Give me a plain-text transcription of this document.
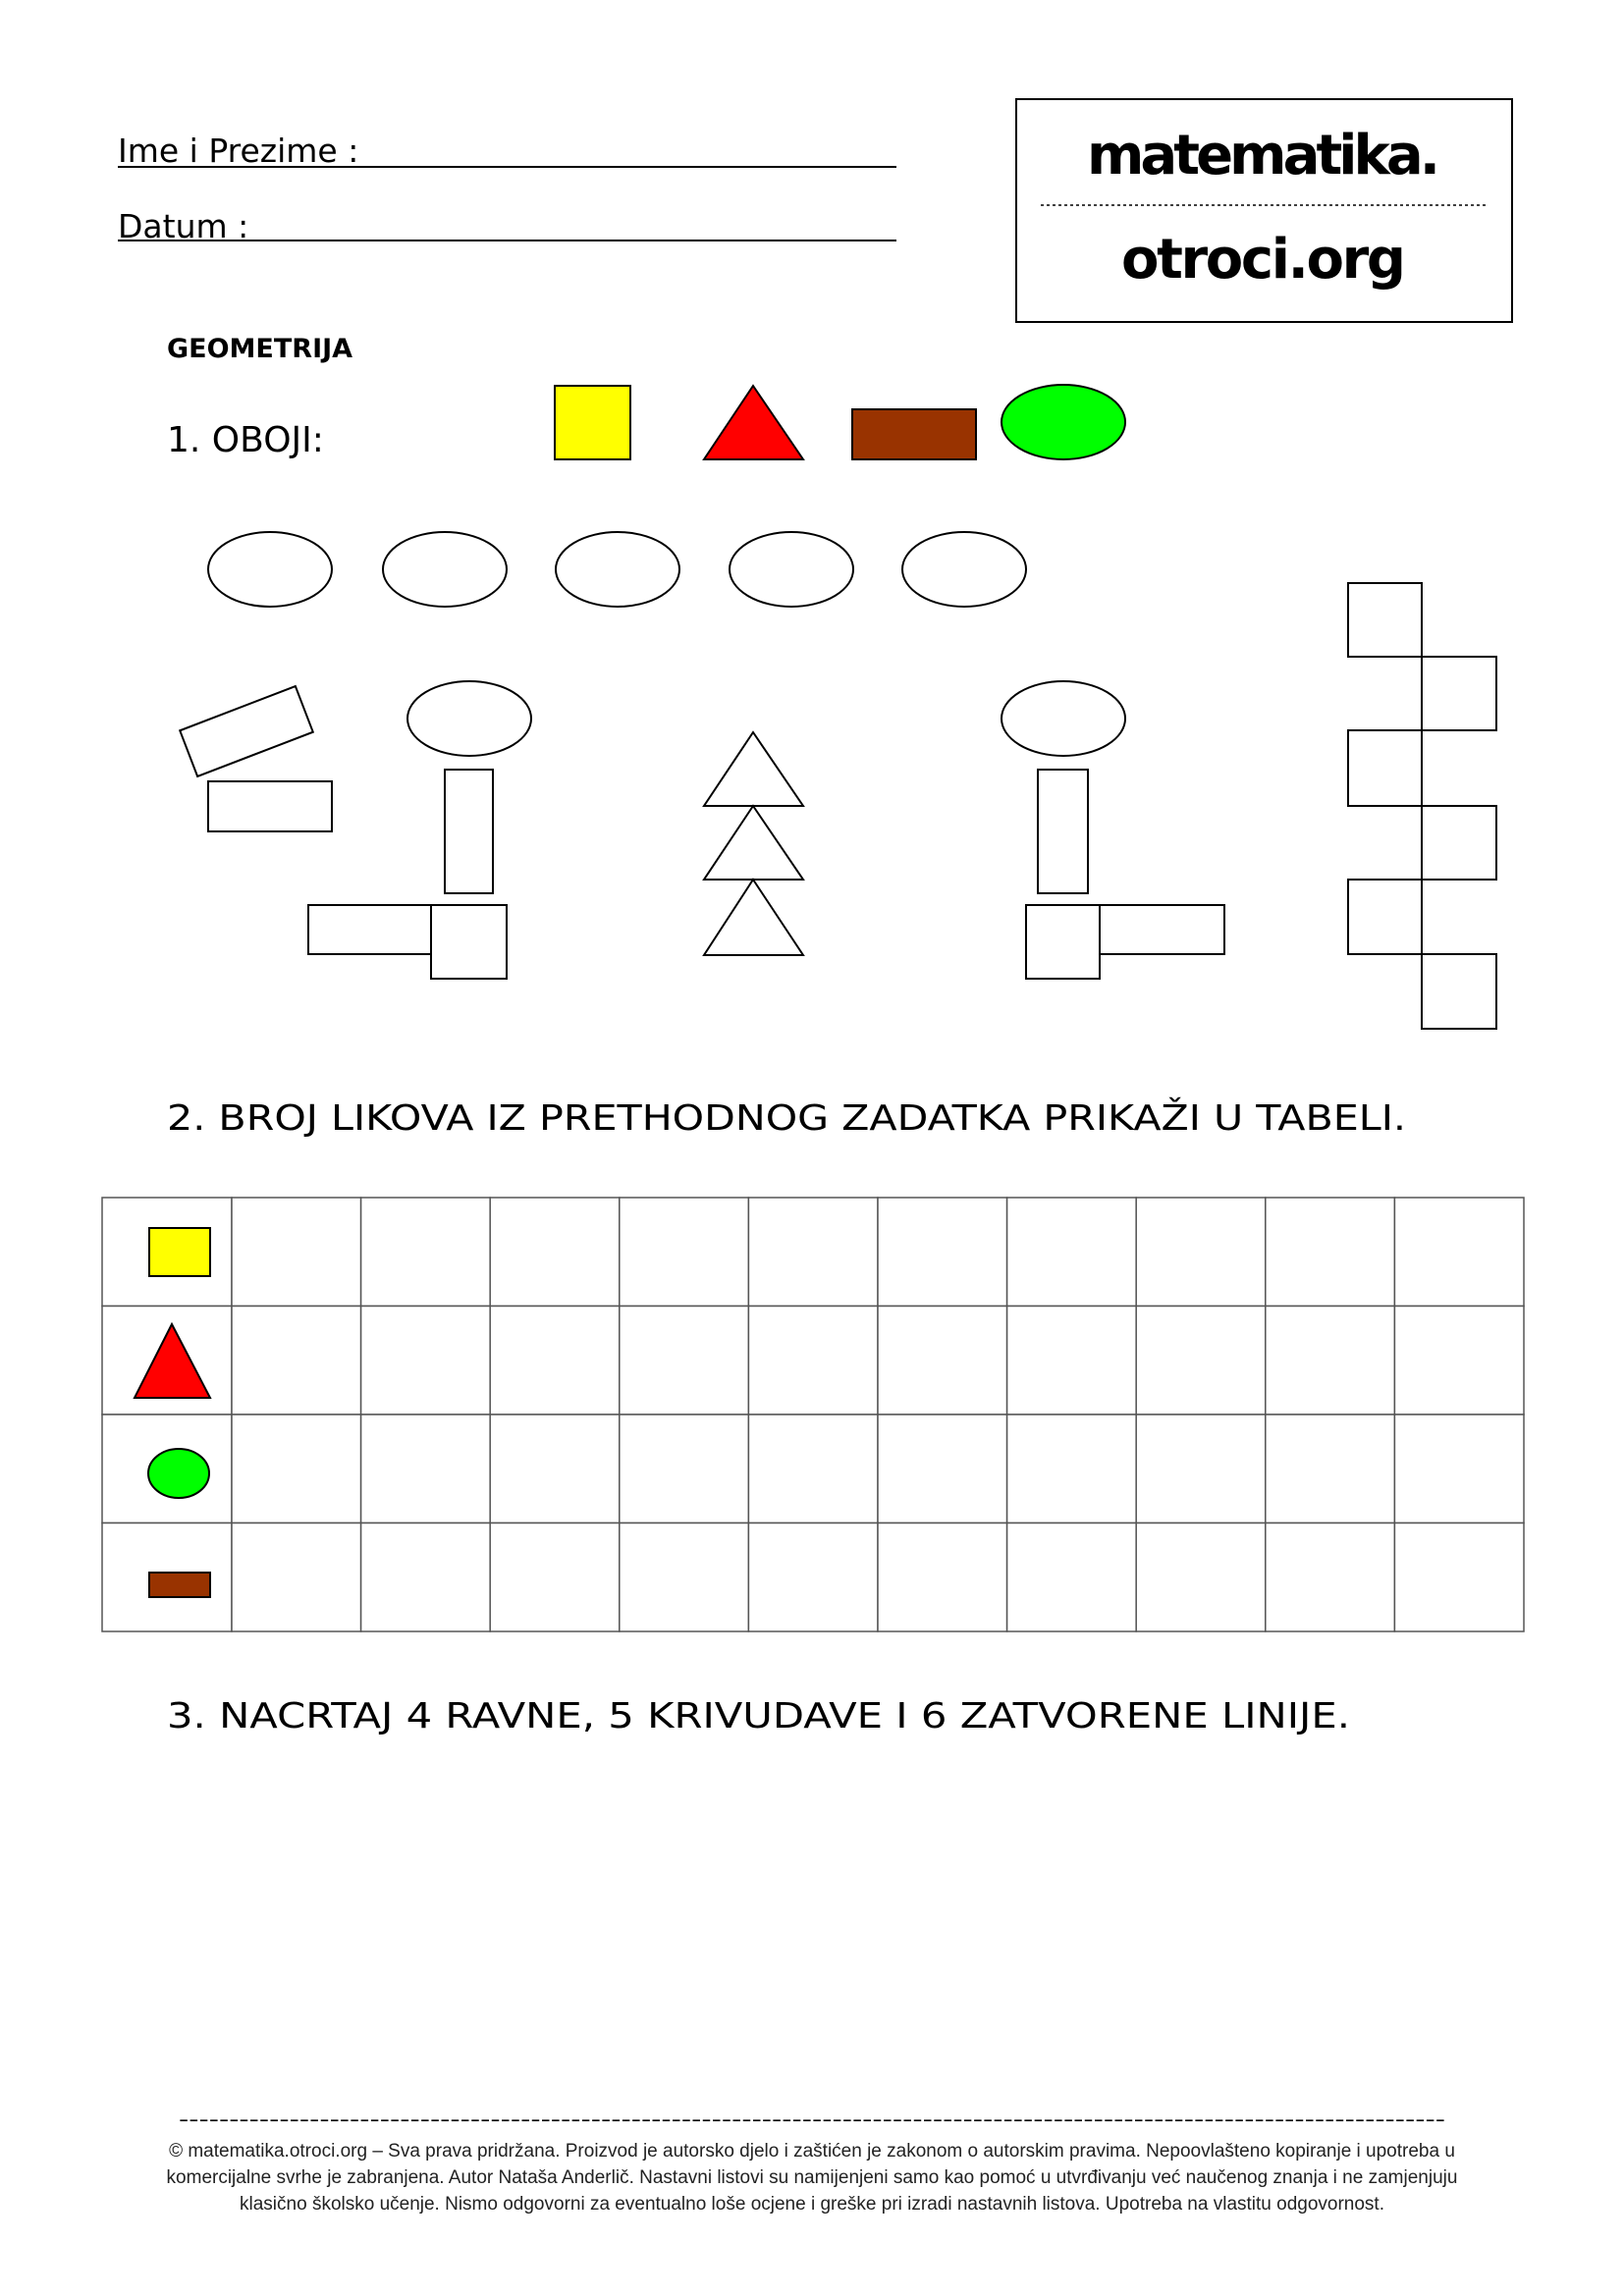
Ime i Prezime :
Datum :
matematika.
otroci.org
GEOMETRIJA
1. OBOJI:
2. BROJ LIKOVA IZ PRETHODNOG ZADATKA PRIKAŽI U TABELI.
3. NACRTAJ 4 RAVNE, 5 KRIVUDAVE I 6 ZATVORENE LINIJE.
------------------------------------------------------------------------------------------------------------------------------
© matematika.otroci.org – Sva prava pridržana. Proizvod je autorsko djelo i zaštićen je zakonom o autorskim pravima. Nepoovlašteno kopiranje i upotreba u
komercijalne svrhe je zabranjena. Autor Nataša Anderlič. Nastavni listovi su namijenjeni samo kao pomoć u utvrđivanju već naučenog znanja i ne zamjenjuju
klasično školsko učenje. Nismo odgovorni za eventualno loše ocjene i greške pri izradi nastavnih listova. Upotreba na vlastitu odgovornost.
